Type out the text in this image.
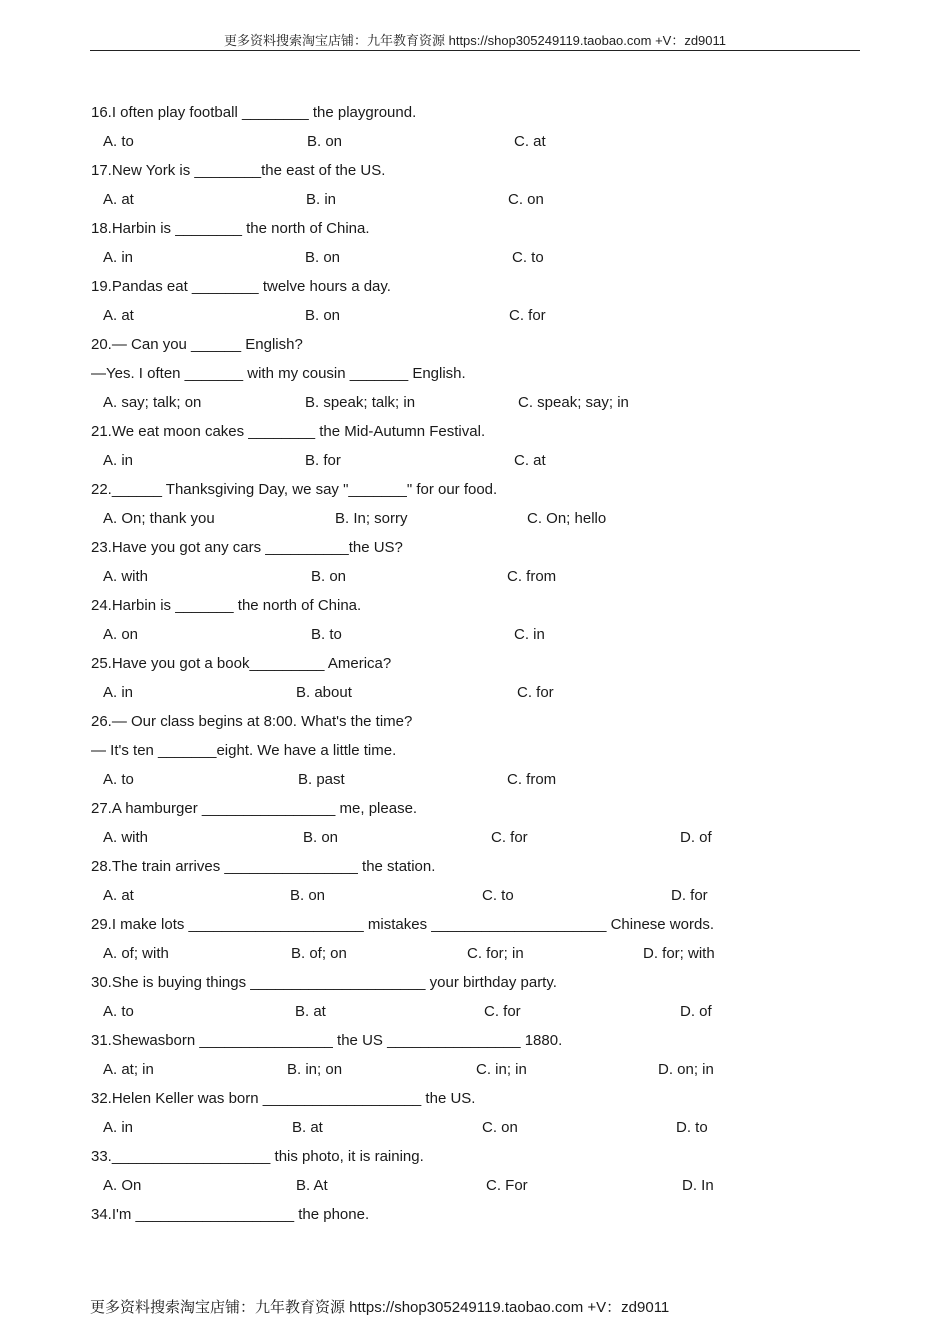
更多资料搜索淘宝店铺：九年教育资源 https://shop305249119.taobao.com +V：zd9011
16.I often play football ________ the playground.
A. to	B. on	C. at
17.New York is ________the east of the US.
A. at	B. in	C. on
18.Harbin is ________ the north of China.
A. in	B. on	C. to
19.Pandas eat ________ twelve hours a day.
A. at	B. on	C. for
20.— Can you ______ English?
—Yes. I often _______ with my cousin _______ English.
A. say; talk; on	B. speak; talk; in	C. speak; say; in
21.We eat moon cakes ________ the Mid-Autumn Festival.
A. in	B. for	C. at
22.______ Thanksgiving Day, we say "_______" for our food.
A. On; thank you	B. In; sorry	C. On; hello
23.Have you got any cars __________the US?
A. with	B. on	C. from
24.Harbin is _______ the north of China.
A. on	B. to	C. in
25.Have you got a book_________ America?
A. in	B. about	C. for
26.— Our class begins at 8:00. What's the time?
— It's ten _______eight. We have a little time.
A. to	B. past	C. from
27.A hamburger ________________ me, please.
A. with	B. on	C. for	D. of
28.The train arrives ________________ the station.
A. at	B. on	C. to	D. for
29.I make lots _____________________ mistakes _____________________ Chinese words.
A. of; with	B. of; on	C. for; in	D. for; with
30.She is buying things _____________________ your birthday party.
A. to	B. at	C. for	D. of
31.Shewasborn ________________ the US ________________ 1880.
A. at; in	B. in; on	C. in; in	D. on; in
32.Helen Keller was born ___________________ the US.
A. in	B. at	C. on	D. to
33.___________________ this photo, it is raining.
A. On	B. At	C. For	D. In
34.I'm ___________________ the phone.
更多资料搜索淘宝店铺：九年教育资源 https://shop305249119.taobao.com +V：zd9011
